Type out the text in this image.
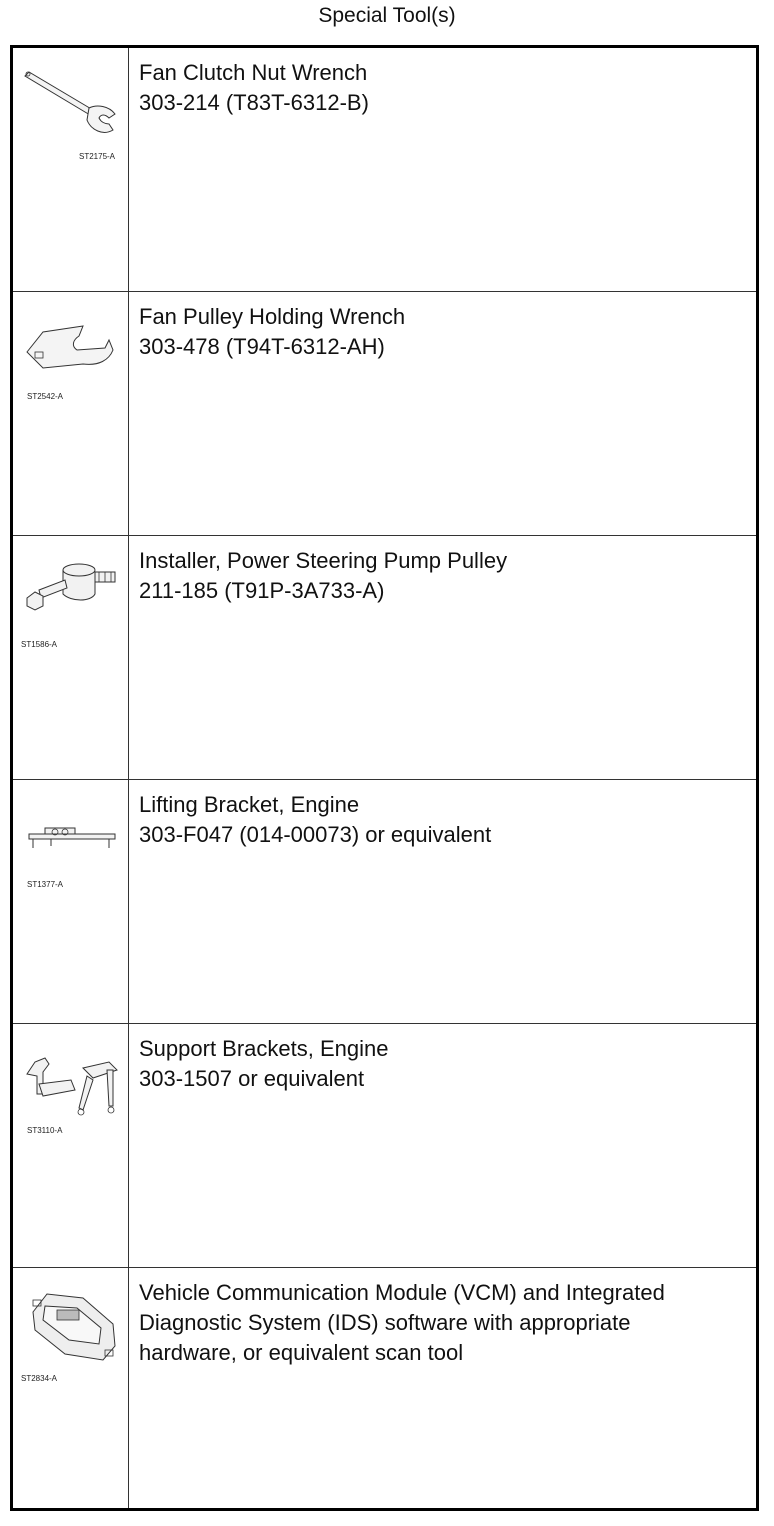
Special Tool(s)
ST2175-A
Fan Clutch Nut Wrench
303-214 (T83T-6312-B)
ST2542-A
Fan Pulley Holding Wrench
303-478 (T94T-6312-AH)
ST1586-A
Installer, Power Steering Pump Pulley
211-185 (T91P-3A733-A)
ST1377-A
Lifting Bracket, Engine
303-F047 (014-00073) or equivalent
ST3110-A
Support Brackets, Engine
303-1507 or equivalent
ST2834-A
Vehicle Communication Module (VCM) and Integrated
Diagnostic System (IDS) software with appropriate
hardware, or equivalent scan tool
